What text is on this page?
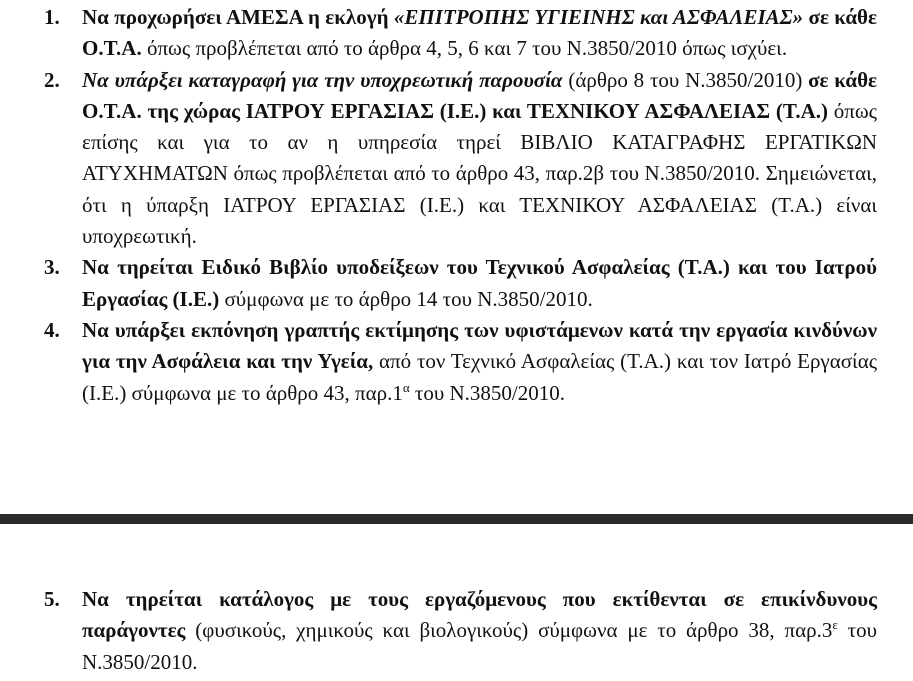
1. Να προχωρήσει ΑΜΕΣΑ η εκλογή «ΕΠΙΤΡΟΠΗΣ ΥΓΙΕΙΝΗΣ και ΑΣΦΑΛΕΙΑΣ» σε κάθε Ο.Τ.Α. όπως προβλέπεται από το άρθρα 4, 5, 6 και 7 του Ν.3850/2010 όπως ισχύει.
2. Να υπάρξει καταγραφή για την υποχρεωτική παρουσία (άρθρο 8 του Ν.3850/2010) σε κάθε Ο.Τ.Α. της χώρας ΙΑΤΡΟΥ ΕΡΓΑΣΙΑΣ (Ι.Ε.) και ΤΕΧΝΙΚΟΥ ΑΣΦΑΛΕΙΑΣ (Τ.Α.) όπως επίσης και για το αν η υπηρεσία τηρεί ΒΙΒΛΙΟ ΚΑΤΑΓΡΑΦΗΣ ΕΡΓΑΤΙΚΩΝ ΑΤΥΧΗΜΑΤΩΝ όπως προβλέπεται από το άρθρο 43, παρ.2β του Ν.3850/2010. Σημειώνεται, ότι η ύπαρξη ΙΑΤΡΟΥ ΕΡΓΑΣΙΑΣ (Ι.Ε.) και ΤΕΧΝΙΚΟΥ ΑΣΦΑΛΕΙΑΣ (Τ.Α.) είναι υποχρεωτική.
3. Να τηρείται Ειδικό Βιβλίο υποδείξεων του Τεχνικού Ασφαλείας (Τ.Α.) και του Ιατρού Εργασίας (Ι.Ε.) σύμφωνα με το άρθρο 14 του Ν.3850/2010.
4. Να υπάρξει εκπόνηση γραπτής εκτίμησης των υφιστάμενων κατά την εργασία κινδύνων για την Ασφάλεια και την Υγεία, από τον Τεχνικό Ασφαλείας (Τ.Α.) και τον Ιατρό Εργασίας (Ι.Ε.) σύμφωνα με το άρθρο 43, $\pi\alpha\rho.1^\alpha$ του Ν.3850/2010.
5. Να τηρείται κατάλογος με τους εργαζόμενους που εκτίθενται σε επικίνδυνους παράγοντες (φυσικούς, χημικούς και βιολογικούς) σύμφωνα με το άρθρο 38, $\pi\alpha\rho.3^\varepsilon$ του Ν.3850/2010.
